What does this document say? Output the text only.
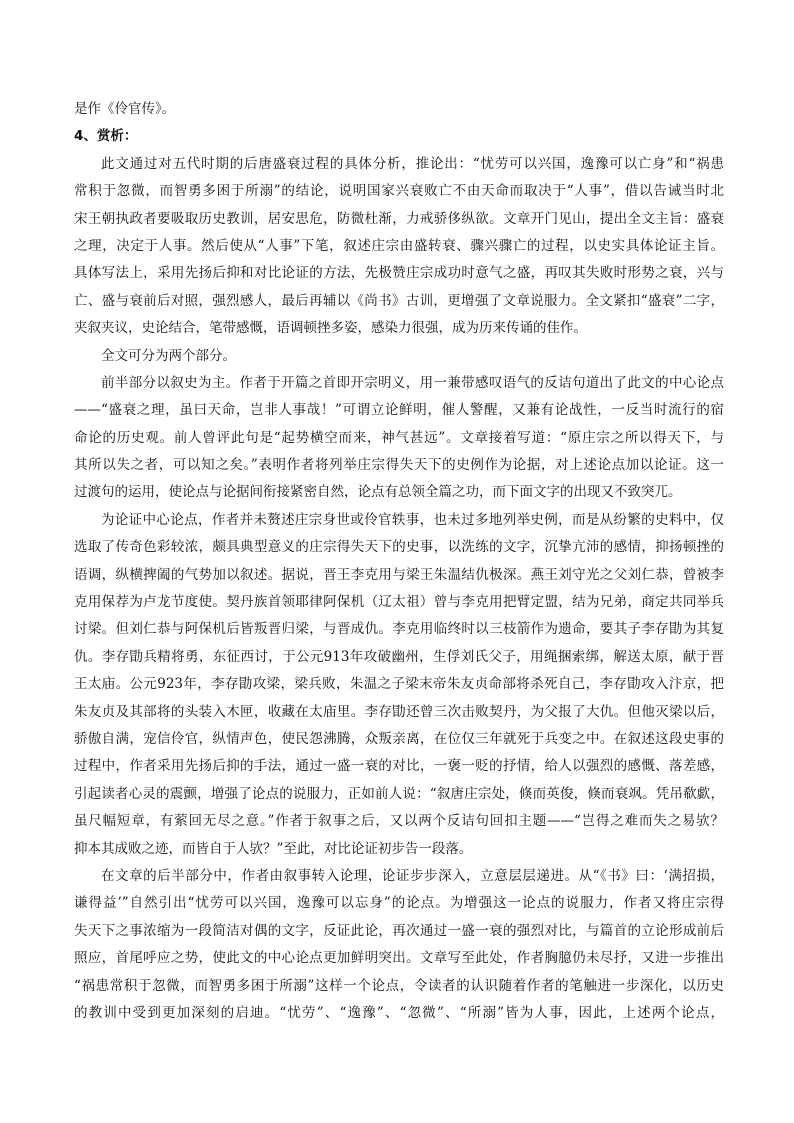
是作《伶官传》。
4、赏析：
此文通过对五代时期的后唐盛衰过程的具体分析，推论出：“忧劳可以兴国，逸豫可以亡身”和“祸患
常积于忽微，而智勇多困于所溺”的结论，说明国家兴衰败亡不由天命而取决于“人事”，借以告诫当时北
宋王朝执政者要吸取历史教训，居安思危，防微杜渐，力戒骄侈纵欲。文章开门见山，提出全文主旨：盛衰
之理，决定于人事。然后使从“人事”下笔，叙述庄宗由盛转衰、骤兴骤亡的过程，以史实具体论证主旨。
具体写法上，采用先扬后抑和对比论证的方法，先极赞庄宗成功时意气之盛，再叹其失败时形势之衰，兴与
亡、盛与衰前后对照，强烈感人，最后再辅以《尚书》古训，更增强了文章说服力。全文紧扣“盛衰”二字，
夹叙夹议，史论结合，笔带感慨，语调顿挫多姿，感染力很强，成为历来传诵的佳作。
全文可分为两个部分。
前半部分以叙史为主。作者于开篇之首即开宗明义，用一兼带感叹语气的反诘句道出了此文的中心论点
——“盛衰之理，虽曰天命，岂非人事哉！”可谓立论鲜明，催人警醒，又兼有论战性，一反当时流行的宿
命论的历史观。前人曾评此句是“起势横空而来，神气甚远”。文章接着写道：“原庄宗之所以得天下，与
其所以失之者，可以知之矣。”表明作者将列举庄宗得失天下的史例作为论据，对上述论点加以论证。这一
过渡句的运用，使论点与论据间衔接紧密自然，论点有总领全篇之功，而下面文字的出现又不致突兀。
为论证中心论点，作者并未赘述庄宗身世或伶官轶事，也未过多地列举史例，而是从纷繁的史料中，仅
选取了传奇色彩较浓，颇具典型意义的庄宗得失天下的史事，以洗练的文字，沉挚亢沛的感情，抑扬顿挫的
语调，纵横捭阖的气势加以叙述。据说，晋王李克用与梁王朱温结仇极深。燕王刘守光之父刘仁恭，曾被李
克用保荐为卢龙节度使。契丹族首领耶律阿保机（辽太祖）曾与李克用把臂定盟，结为兄弟，商定共同举兵
讨梁。但刘仁恭与阿保机后皆叛晋归梁，与晋成仇。李克用临终时以三枝箭作为遗命，要其子李存勖为其复
仇。李存勖兵精将勇，东征西讨，于公元913年攻破幽州，生俘刘氏父子，用绳捆索绑，解送太原，献于晋
王太庙。公元923年，李存勖攻梁，梁兵败，朱温之子梁末帝朱友贞命部将杀死自己，李存勖攻入汴京，把
朱友贞及其部将的头装入木匣，收藏在太庙里。李存勖还曾三次击败契丹，为父报了大仇。但他灭梁以后，
骄傲自满，宠信伶官，纵情声色，使民怨沸腾，众叛亲离，在位仅三年就死于兵变之中。在叙述这段史事的
过程中，作者采用先扬后抑的手法，通过一盛一衰的对比，一褒一贬的抒情，给人以强烈的感慨、落差感，
引起读者心灵的震颤，增强了论点的说服力，正如前人说：“叙唐庄宗处，倏而英俊，倏而衰飒。凭吊欷歔，
虽尺幅短章，有萦回无尽之意。”作者于叙事之后，又以两个反诘句回扣主题——“岂得之难而失之易欤？
抑本其成败之迹，而皆自于人欤？”至此，对比论证初步告一段落。
在文章的后半部分中，作者由叙事转入论理，论证步步深入，立意层层递进。从“《书》曰：‘满招损，
谦得益’”自然引出“忧劳可以兴国，逸豫可以忘身”的论点。为增强这一论点的说服力，作者又将庄宗得
失天下之事浓缩为一段简洁对偶的文字，反证此论，再次通过一盛一衰的强烈对比，与篇首的立论形成前后
照应，首尾呼应之势，使此文的中心论点更加鲜明突出。文章写至此处，作者胸臆仍未尽抒，又进一步推出
“祸患常积于忽微，而智勇多困于所溺”这样一个论点，令读者的认识随着作者的笔触进一步深化，以历史
的教训中受到更加深刻的启迪。“忧劳”、“逸豫”、“忽微”、“所溺”皆为人事，因此，上述两个论点，
